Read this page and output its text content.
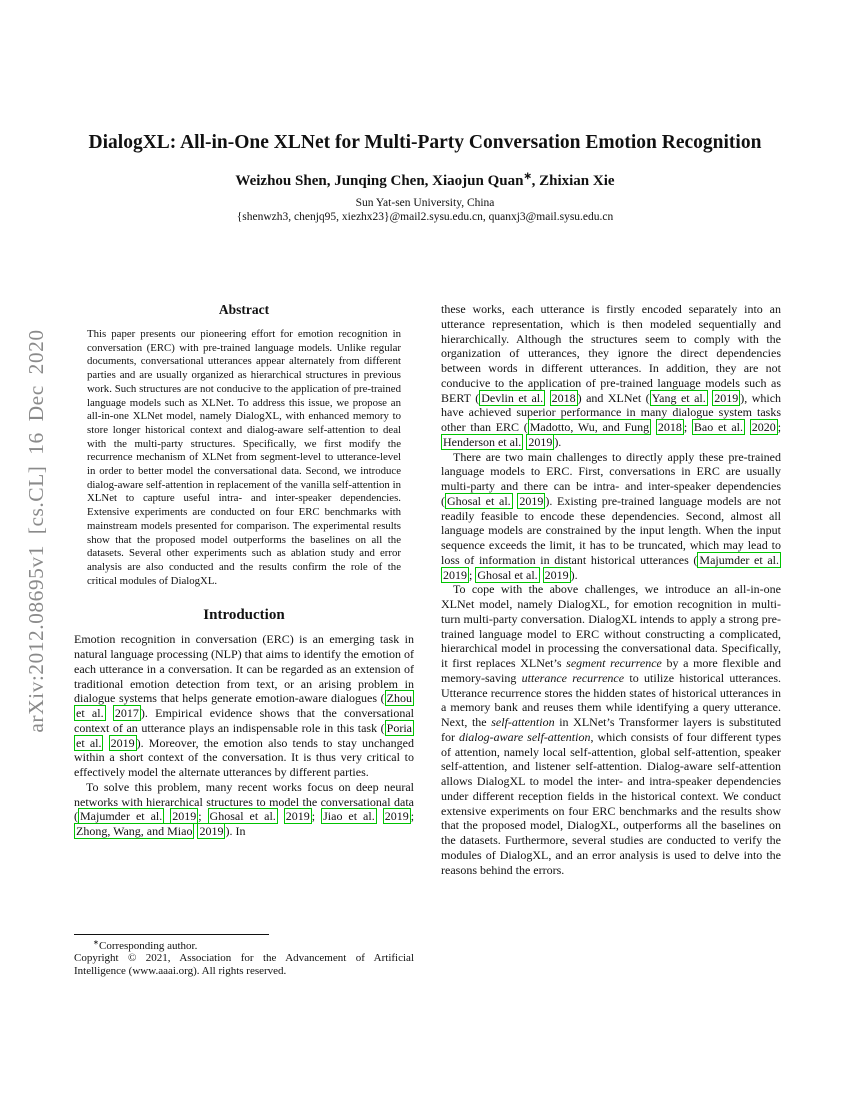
arXiv:2012.08695v1 [cs.CL] 16 Dec 2020
DialogXL: All-in-One XLNet for Multi-Party Conversation Emotion Recognition
Weizhou Shen, Junqing Chen, Xiaojun Quan∗, Zhixian Xie
Sun Yat-sen University, China
{shenwzh3, chenjq95, xiezhx23}@mail2.sysu.edu.cn, quanxj3@mail.sysu.edu.cn
Abstract

This paper presents our pioneering effort for emotion recognition in conversation (ERC) with pre-trained language models. Unlike regular documents, conversational utterances appear alternately from different parties and are usually organized as hierarchical structures in previous work. Such structures are not conducive to the application of pre-trained language models such as XLNet. To address this issue, we propose an all-in-one XLNet model, namely DialogXL, with enhanced memory to store longer historical context and dialog-aware self-attention to deal with the multi-party structures. Specifically, we first modify the recurrence mechanism of XLNet from segment-level to utterance-level in order to better model the conversational data. Second, we introduce dialog-aware self-attention in replacement of the vanilla self-attention in XLNet to capture useful intra- and inter-speaker dependencies. Extensive experiments are conducted on four ERC benchmarks with mainstream models presented for comparison. The experimental results show that the proposed model outperforms the baselines on all the datasets. Several other experiments such as ablation study and error analysis are also conducted and the results confirm the role of the critical modules of DialogXL.

Introduction

Emotion recognition in conversation (ERC) is an emerging task in natural language processing (NLP) that aims to identify the emotion of each utterance in a conversation. It can be regarded as an extension of traditional emotion detection from text, or an arising problem in dialogue systems that helps generate emotion-aware dialogues ( Zhou et al. 2017 ). Empirical evidence shows that the conversational context of an utterance plays an indispensable role in this task ( Poria et al. 2019 ). Moreover, the emotion also tends to stay unchanged within a short context of the conversation. It is thus very critical to effectively model the alternate utterances by different parties.

To solve this problem, many recent works focus on deep neural networks with hierarchical structures to model the conversational data ( Majumder et al. 2019 ; Ghosal et al. 2019 ; Jiao et al. 2019 ; Zhong, Wang, and Miao 2019 ). In

∗Corresponding author.

Copyright © 2021, Association for the Advancement of Artificial Intelligence (www.aaai.org). All rights reserved.

these works, each utterance is firstly encoded separately into an utterance representation, which is then modeled sequentially and hierarchically. Although the structures seem to comply with the organization of utterances, they ignore the direct dependencies between words in different utterances. In addition, they are not conducive to the application of pre-trained language models such as BERT ( Devlin et al. 2018 ) and XLNet ( Yang et al. 2019 ), which have achieved superior performance in many dialogue system tasks other than ERC ( Madotto, Wu, and Fung 2018 ; Bao et al. 2020 ; Henderson et al. 2019 ).

There are two main challenges to directly apply these pre-trained language models to ERC. First, conversations in ERC are usually multi-party and there can be intra- and inter-speaker dependencies ( Ghosal et al. 2019 ). Existing pre-trained language models are not readily feasible to encode these dependencies. Second, almost all language models are constrained by the input length. When the input sequence exceeds the limit, it has to be truncated, which may lead to loss of information in distant historical utterances ( Majumder et al. 2019 ; Ghosal et al. 2019 ).

To cope with the above challenges, we introduce an all-in-one XLNet model, namely DialogXL, for emotion recognition in multi-turn multi-party conversation. DialogXL intends to apply a strong pre-trained language model to ERC without constructing a complicated, hierarchical model in processing the conversational data. Specifically, it first replaces XLNet’s segment recurrence by a more flexible and memory-saving utterance recurrence to utilize historical utterances. Utterance recurrence stores the hidden states of historical utterances in a memory bank and reuses them while identifying a query utterance. Next, the self-attention in XLNet’s Transformer layers is substituted for dialog-aware self-attention, which consists of four different types of attention, namely local self-attention, global self-attention, speaker self-attention, and listener self-attention. Dialog-aware self-attention allows DialogXL to model the inter- and intra-speaker dependencies under different reception fields in the historical context. We conduct extensive experiments on four ERC benchmarks and the results show that the proposed model, DialogXL, outperforms all the baselines on the datasets. Furthermore, several studies are conducted to verify the modules of DialogXL, and an error analysis is used to delve into the reasons behind the errors.
